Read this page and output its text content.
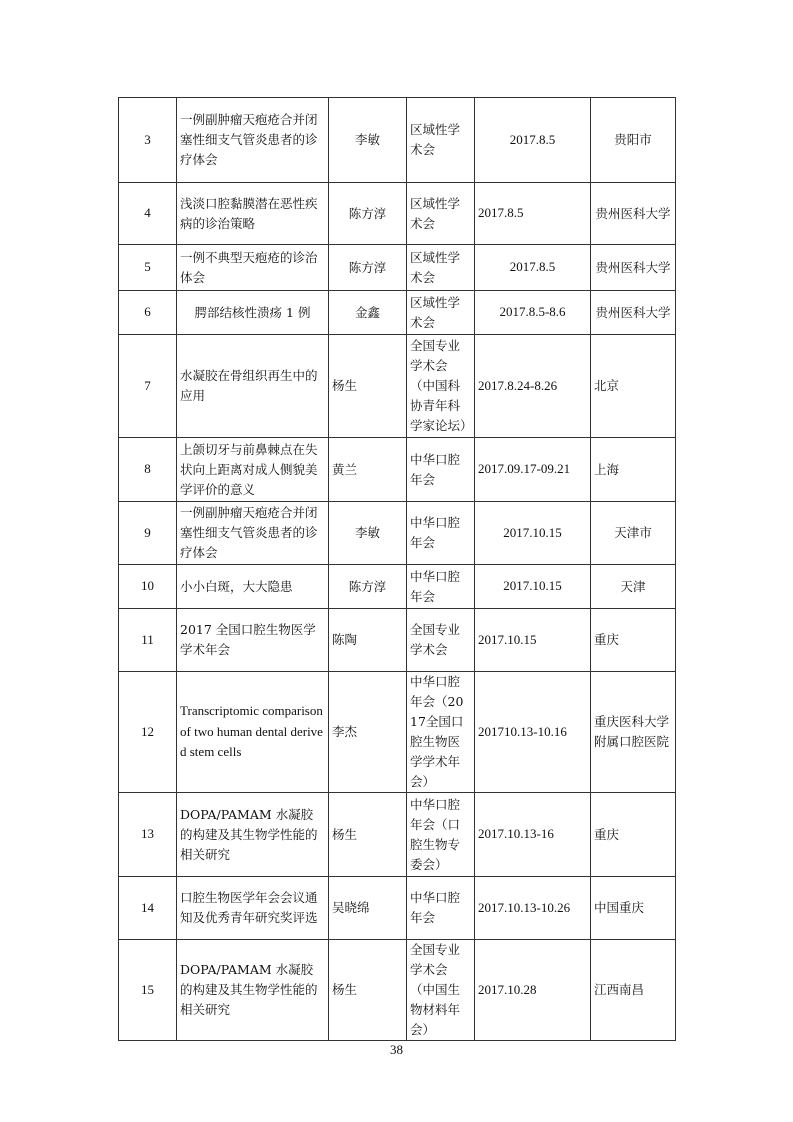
3	一例副肿瘤天疱疮合并闭塞性细支气管炎患者的诊疗体会	李敏	区域性学术会	2017.8.5	贵阳市
4	浅淡口腔黏膜潜在恶性疾病的诊治策略	陈方淳	区域性学术会	2017.8.5	贵州医科大学
5	一例不典型天疱疮的诊治体会	陈方淳	区域性学术会	2017.8.5	贵州医科大学
6	腭部结核性溃疡 1 例	金鑫	区域性学术会	2017.8.5-8.6	贵州医科大学
7	水凝胶在骨组织再生中的应用	杨生	全国专业学术会（中国科协青年科学家论坛）	2017.8.24-8.26	北京
8	上颌切牙与前鼻棘点在失状向上距离对成人侧貌美学评价的意义	黄兰	中华口腔年会	2017.09.17-09.21	上海
9	一例副肿瘤天疱疮合并闭塞性细支气管炎患者的诊疗体会	李敏	中华口腔年会	2017.10.15	天津市
10	小小白斑，大大隐患	陈方淳	中华口腔年会	2017.10.15	天津
11	2017 全国口腔生物医学学术年会	陈陶	全国专业学术会	2017.10.15	重庆
12	Transcriptomic comparison of two human dental derived stem cells	李杰	中华口腔年会（2017全国口腔生物医学学术年会）	201710.13-10.16	重庆医科大学附属口腔医院
13	DOPA/PAMAM 水凝胶的构建及其生物学性能的相关研究	杨生	中华口腔年会（口腔生物专委会）	2017.10.13-16	重庆
14	口腔生物医学年会会议通知及优秀青年研究奖评选	吴晓绵	中华口腔年会	2017.10.13-10.26	中国重庆
15	DOPA/PAMAM 水凝胶的构建及其生物学性能的相关研究	杨生	全国专业学术会（中国生物材料年会）	2017.10.28	江西南昌
38
